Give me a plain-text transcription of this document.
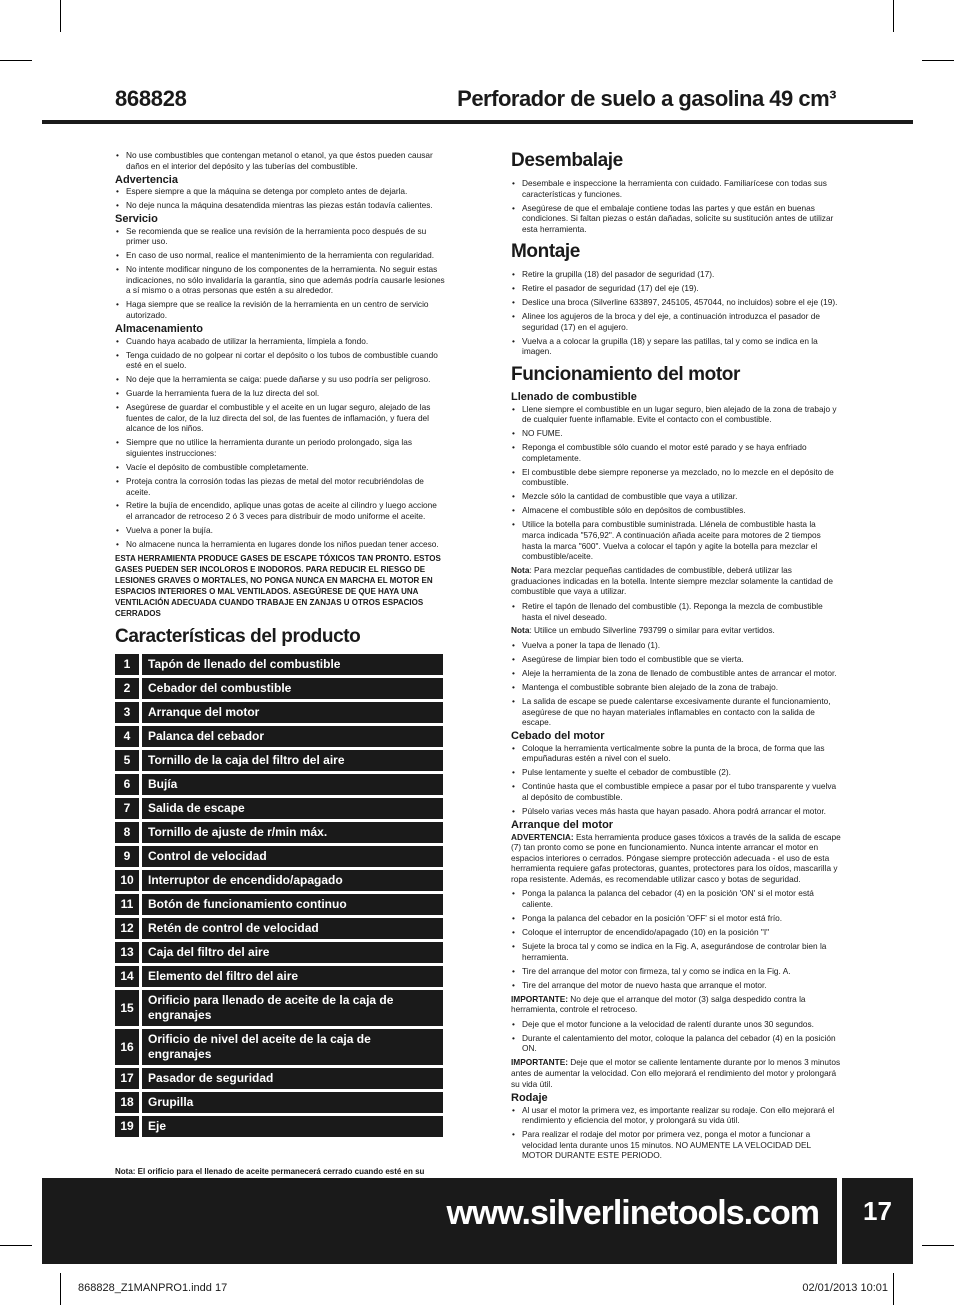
868828	Perforador de suelo a gasolina 49 cm³
• No use combustibles que contengan metanol o etanol, ya que éstos pueden causar daños en el interior del depósito y las tuberías del combustible.
Advertencia
• Espere siempre a que la máquina se detenga por completo antes de dejarla.
• No deje nunca la máquina desatendida mientras las piezas están todavía calientes.
Servicio
• Se recomienda que se realice una revisión de la herramienta poco después de su primer uso.
• En caso de uso normal, realice el mantenimiento de la herramienta con regularidad.
• No intente modificar ninguno de los componentes de la herramienta. No seguir estas indicaciones, no sólo invalidaría la garantía, sino que además podría causarle lesiones a sí mismo o a otras personas que estén a su alrededor.
• Haga siempre que se realice la revisión de la herramienta en un centro de servicio autorizado.
Almacenamiento
• Cuando haya acabado de utilizar la herramienta, límpiela a fondo.
• Tenga cuidado de no golpear ni cortar el depósito o los tubos de combustible cuando esté en el suelo.
• No deje que la herramienta se caiga: puede dañarse y su uso podría ser peligroso.
• Guarde la herramienta fuera de la luz directa del sol.
• Asegúrese de guardar el combustible y el aceite en un lugar seguro, alejado de las fuentes de calor, de la luz directa del sol, de las fuentes de inflamación, y fuera del alcance de los niños.
• Siempre que no utilice la herramienta durante un periodo prolongado, siga las siguientes instrucciones:
• Vacíe el depósito de combustible completamente.
• Proteja contra la corrosión todas las piezas de metal del motor recubriéndolas de aceite.
• Retire la bujía de encendido, aplique unas gotas de aceite al cilindro y luego accione el arrancador de retroceso 2 ó 3 veces para distribuir de modo uniforme el aceite.
• Vuelva a poner la bujía.
• No almacene nunca la herramienta en lugares donde los niños puedan tener acceso.
ESTA HERRAMIENTA PRODUCE GASES DE ESCAPE TÓXICOS TAN PRONTO. ESTOS GASES PUEDEN SER INCOLOROS E INODOROS. PARA REDUCIR EL RIESGO DE LESIONES GRAVES O MORTALES, NO PONGA NUNCA EN MARCHA EL MOTOR EN ESPACIOS INTERIORES O MAL VENTILADOS. ASEGÚRESE DE QUE HAYA UNA VENTILACIÓN ADECUADA CUANDO TRABAJE EN ZANJAS U OTROS ESPACIOS CERRADOS
Características del producto
1	Tapón de llenado del combustible
2	Cebador del combustible
3	Arranque del motor
4	Palanca del cebador
5	Tornillo de la caja del filtro del aire
6	Bujía
7	Salida de escape
8	Tornillo de ajuste de r/min máx.
9	Control de velocidad
10	Interruptor de encendido/apagado
11	Botón de funcionamiento continuo
12	Retén de control de velocidad
13	Caja del filtro del aire
14	Elemento del filtro del aire
15
Orificio para llenado de aceite de la caja de engranajes
16
Orificio de nivel del aceite de la caja de engranajes
17	Pasador de seguridad
18	Grupilla
19	Eje
Nota: El orificio para el llenado de aceite permanecerá cerrado cuando esté en su
Desembalaje
• Desembale e inspeccione la herramienta con cuidado. Familiarícese con todas sus características y funciones.
• Asegúrese de que el embalaje contiene todas las partes y que están en buenas condiciones. Si faltan piezas o están dañadas, solicite su sustitución antes de utilizar esta herramienta.
Montaje
• Retire la grupilla (18) del pasador de seguridad (17).
• Retire el pasador de seguridad (17) del eje (19).
• Deslice una broca (Silverline 633897, 245105, 457044, no incluidos) sobre el eje (19).
• Alinee los agujeros de la broca y del eje, a continuación introduzca el pasador de seguridad (17) en el agujero.
• Vuelva a a colocar la grupilla (18) y separe las patillas, tal y como se indica en la imagen.
Funcionamiento del motor
Llenado de combustible
• Llene siempre el combustible en un lugar seguro, bien alejado de la zona de trabajo y de cualquier fuente inflamable. Evite el contacto con el combustible.
• NO FUME.
• Reponga el combustible sólo cuando el motor esté parado y se haya enfriado completamente.
• El combustible debe siempre reponerse ya mezclado, no lo mezcle en el depósito de combustible.
• Mezcle sólo la cantidad de combustible que vaya a utilizar.
• Almacene el combustible sólo en depósitos de combustibles.
• Utilice la botella para combustible suministrada. Llénela de combustible hasta la marca indicada "576,92". A continuación añada aceite para motores de 2 tiempos hasta la marca "600". Vuelva a colocar el tapón y agite la botella para mezclar el combustible/aceite.
Nota: Para mezclar pequeñas cantidades de combustible, deberá utilizar las graduaciones indicadas en la botella. Intente siempre mezclar solamente la cantidad de combustible que vaya a utilizar.
• Retire el tapón de llenado del combustible (1). Reponga la mezcla de combustible hasta el nivel deseado.
Nota: Utilice un embudo Silverline 793799 o similar para evitar vertidos.
• Vuelva a poner la tapa de llenado (1).
• Asegúrese de limpiar bien todo el combustible que se vierta.
• Aleje la herramienta de la zona de llenado de combustible antes de arrancar el motor.
• Mantenga el combustible sobrante bien alejado de la zona de trabajo.
• La salida de escape se puede calentarse excesivamente durante el funcionamiento, asegúrese de que no hayan materiales inflamables en contacto con la salida de escape.
Cebado del motor
• Coloque la herramienta verticalmente sobre la punta de la broca, de forma que las empuñaduras estén a nivel con el suelo.
• Pulse lentamente y suelte el cebador de combustible (2).
• Continúe hasta que el combustible empiece a pasar por el tubo transparente y vuelva al depósito de combustible.
• Púlselo varias veces más hasta que hayan pasado. Ahora podrá arrancar el motor.
Arranque del motor
ADVERTENCIA: Esta herramienta produce gases tóxicos a través de la salida de escape (7) tan pronto como se pone en funcionamiento. Nunca intente arrancar el motor en espacios interiores o cerrados. Póngase siempre protección adecuada - el uso de esta herramienta requiere gafas protectoras, guantes, protectores para los oídos, mascarilla y ropa resistente. Además, es recomendable utilizar casco y botas de seguridad.
• Ponga la palanca la palanca del cebador (4) en la posición 'ON' si el motor está caliente.
• Ponga la palanca del cebador en la posición 'OFF' si el motor está frío.
• Coloque el interruptor de encendido/apagado (10) en la posición "I"
• Sujete la broca tal y como se indica en la Fig. A, asegurándose de controlar bien la herramienta.
• Tire del arranque del motor con firmeza, tal y como se indica en la Fig. A.
• Tire del arranque del motor de nuevo hasta que arranque el motor.
IMPORTANTE: No deje que el arranque del motor (3) salga despedido contra la herramienta, controle el retroceso.
• Deje que el motor funcione a la velocidad de ralentí durante unos 30 segundos.
• Durante el calentamiento del motor, coloque la palanca del cebador (4) en la posición ON.
IMPORTANTE: Deje que el motor se caliente lentamente durante por lo menos 3 minutos antes de aumentar la velocidad. Con ello mejorará el rendimiento del motor y prolongará su vida útil.
Rodaje
• Al usar el motor la primera vez, es importante realizar su rodaje. Con ello mejorará el rendimiento y eficiencia del motor, y prolongará su vida útil.
• Para realizar el rodaje del motor por primera vez, ponga el motor a funcionar a velocidad lenta durante unos 15 minutos. NO AUMENTE LA VELOCIDAD DEL MOTOR DURANTE ESTE PERIODO.
www.silverlinetools.com	17
868828_Z1MANPRO1.indd 17	02/01/2013 10:01
